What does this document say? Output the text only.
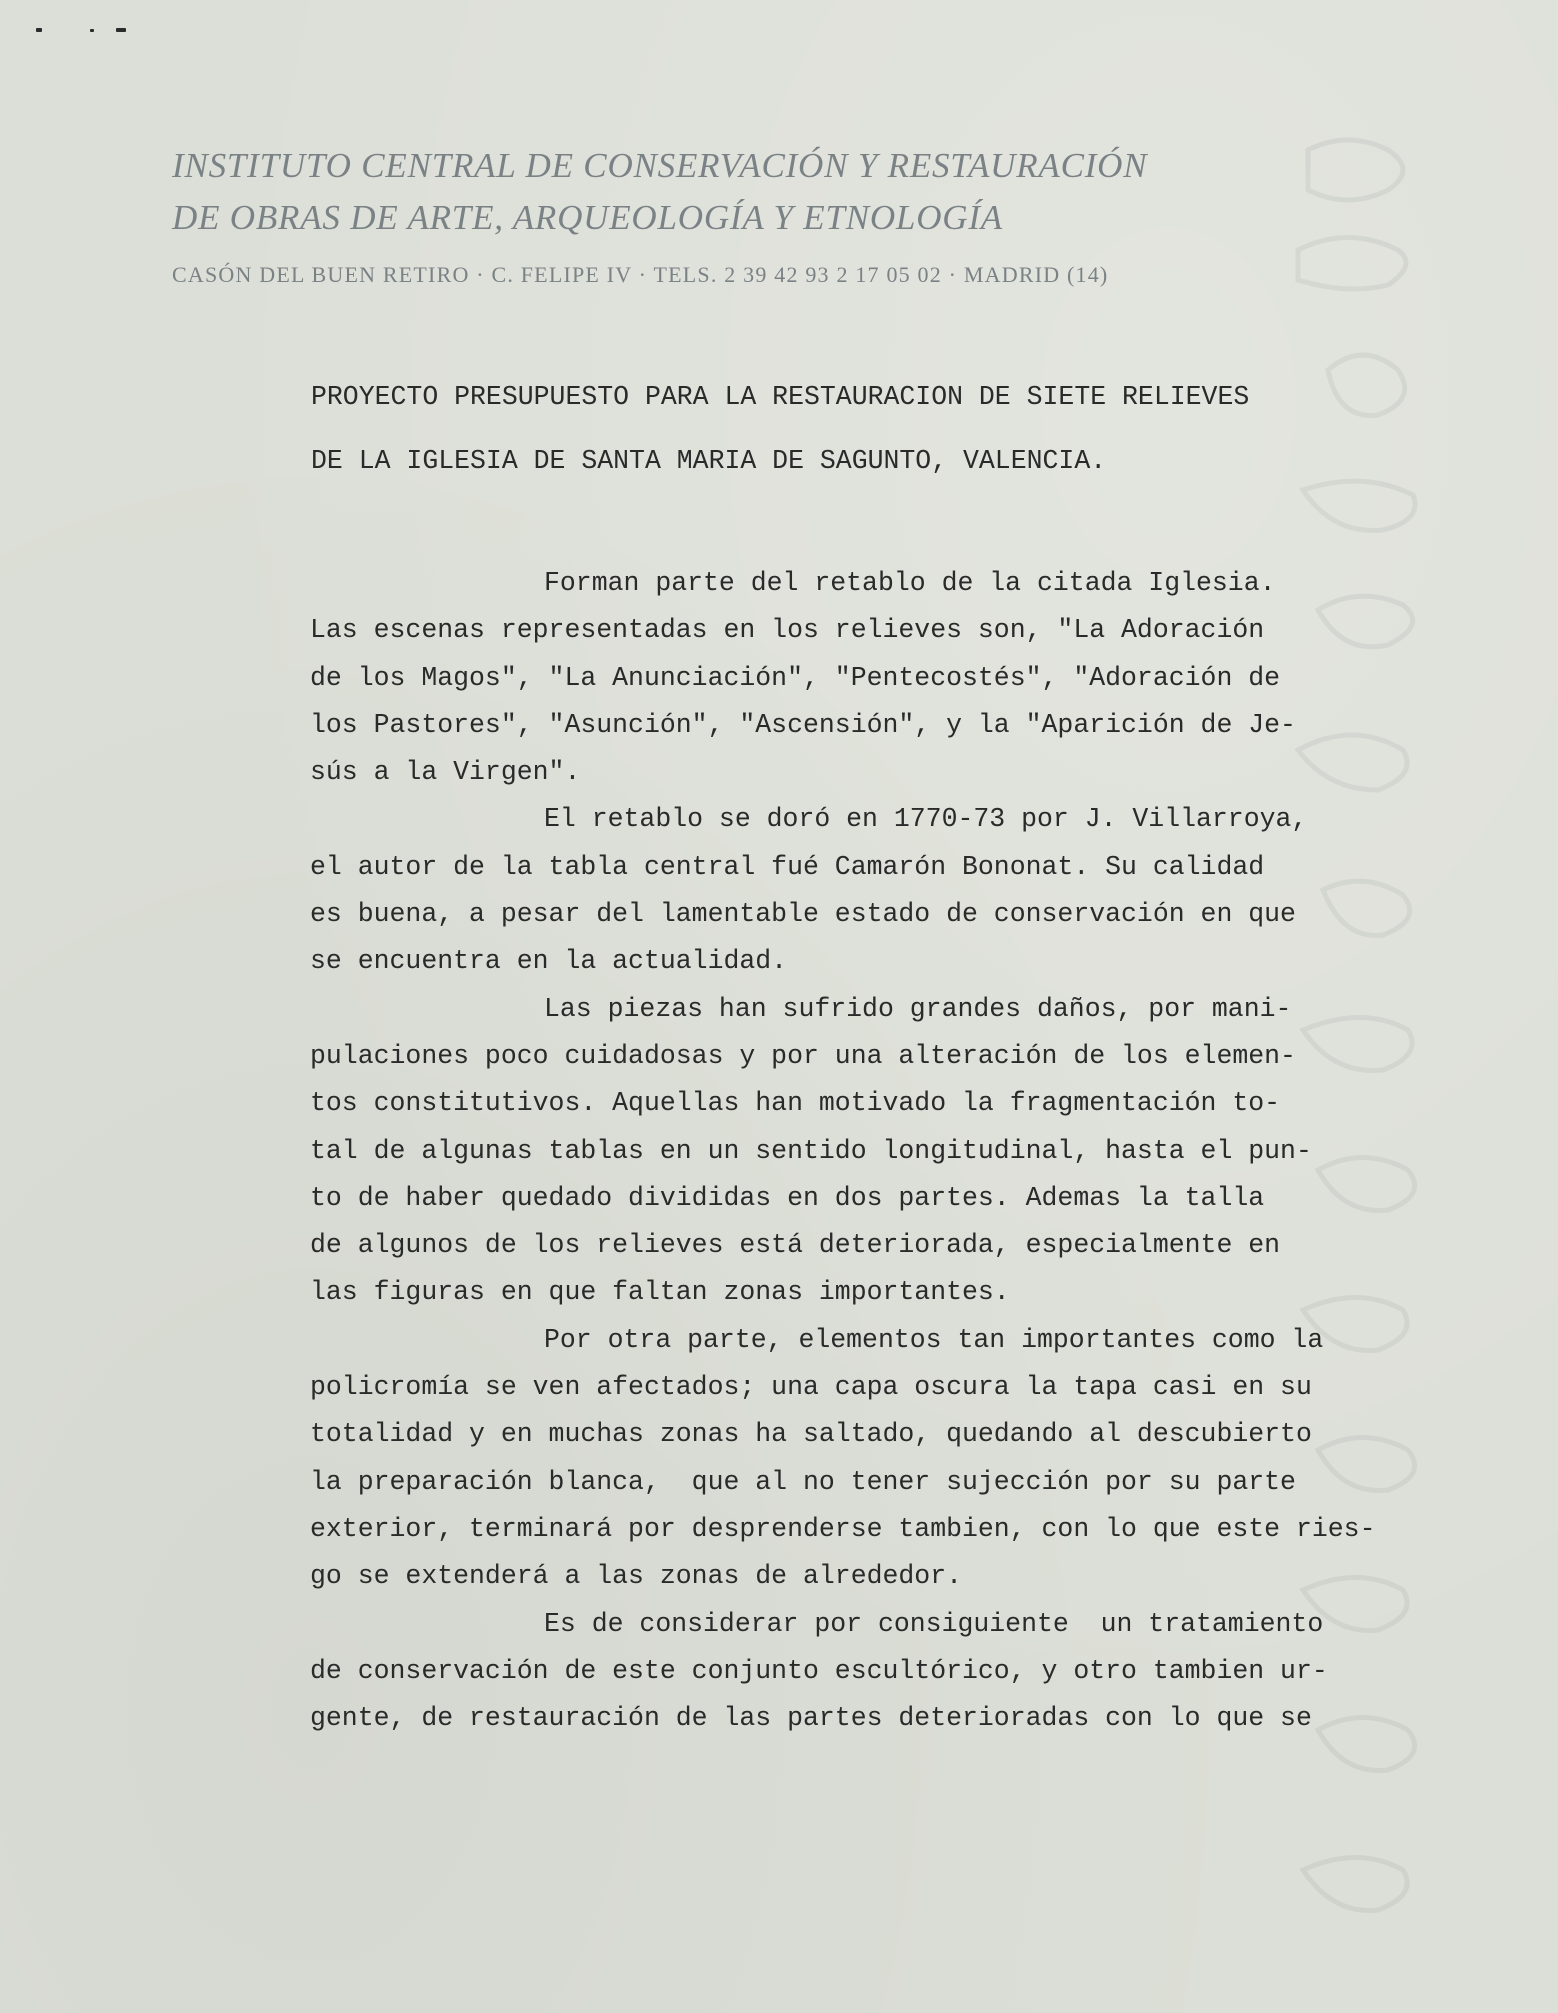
INSTITUTO CENTRAL DE CONSERVACIÓN Y RESTAURACIÓN
DE OBRAS DE ARTE, ARQUEOLOGÍA Y ETNOLOGÍA
CASÓN DEL BUEN RETIRO · C. FELIPE IV · TELS. 2 39 42 93 2 17 05 02 · MADRID (14)
PROYECTO PRESUPUESTO PARA LA RESTAURACION DE SIETE RELIEVES
DE LA IGLESIA DE SANTA MARIA DE SAGUNTO, VALENCIA.
Forman parte del retablo de la citada Iglesia.
Las escenas representadas en los relieves son, "La Adoración
de los Magos", "La Anunciación", "Pentecostés", "Adoración de
los Pastores", "Asunción", "Ascensión", y la "Aparición de Je-
sús a la Virgen".
El retablo se doró en 1770-73 por J. Villarroya,
el autor de la tabla central fué Camarón Bononat. Su calidad
es buena, a pesar del lamentable estado de conservación en que
se encuentra en la actualidad.
Las piezas han sufrido grandes daños, por mani-
pulaciones poco cuidadosas y por una alteración de los elemen-
tos constitutivos. Aquellas han motivado la fragmentación to-
tal de algunas tablas en un sentido longitudinal, hasta el pun-
to de haber quedado divididas en dos partes. Ademas la talla
de algunos de los relieves está deteriorada, especialmente en
las figuras en que faltan zonas importantes.
Por otra parte, elementos tan importantes como la
policromía se ven afectados; una capa oscura la tapa casi en su
totalidad y en muchas zonas ha saltado, quedando al descubierto
la preparación blanca,  que al no tener sujección por su parte
exterior, terminará por desprenderse tambien, con lo que este ries-
go se extenderá a las zonas de alrededor.
Es de considerar por consiguiente  un tratamiento
de conservación de este conjunto escultórico, y otro tambien ur-
gente, de restauración de las partes deterioradas con lo que se
